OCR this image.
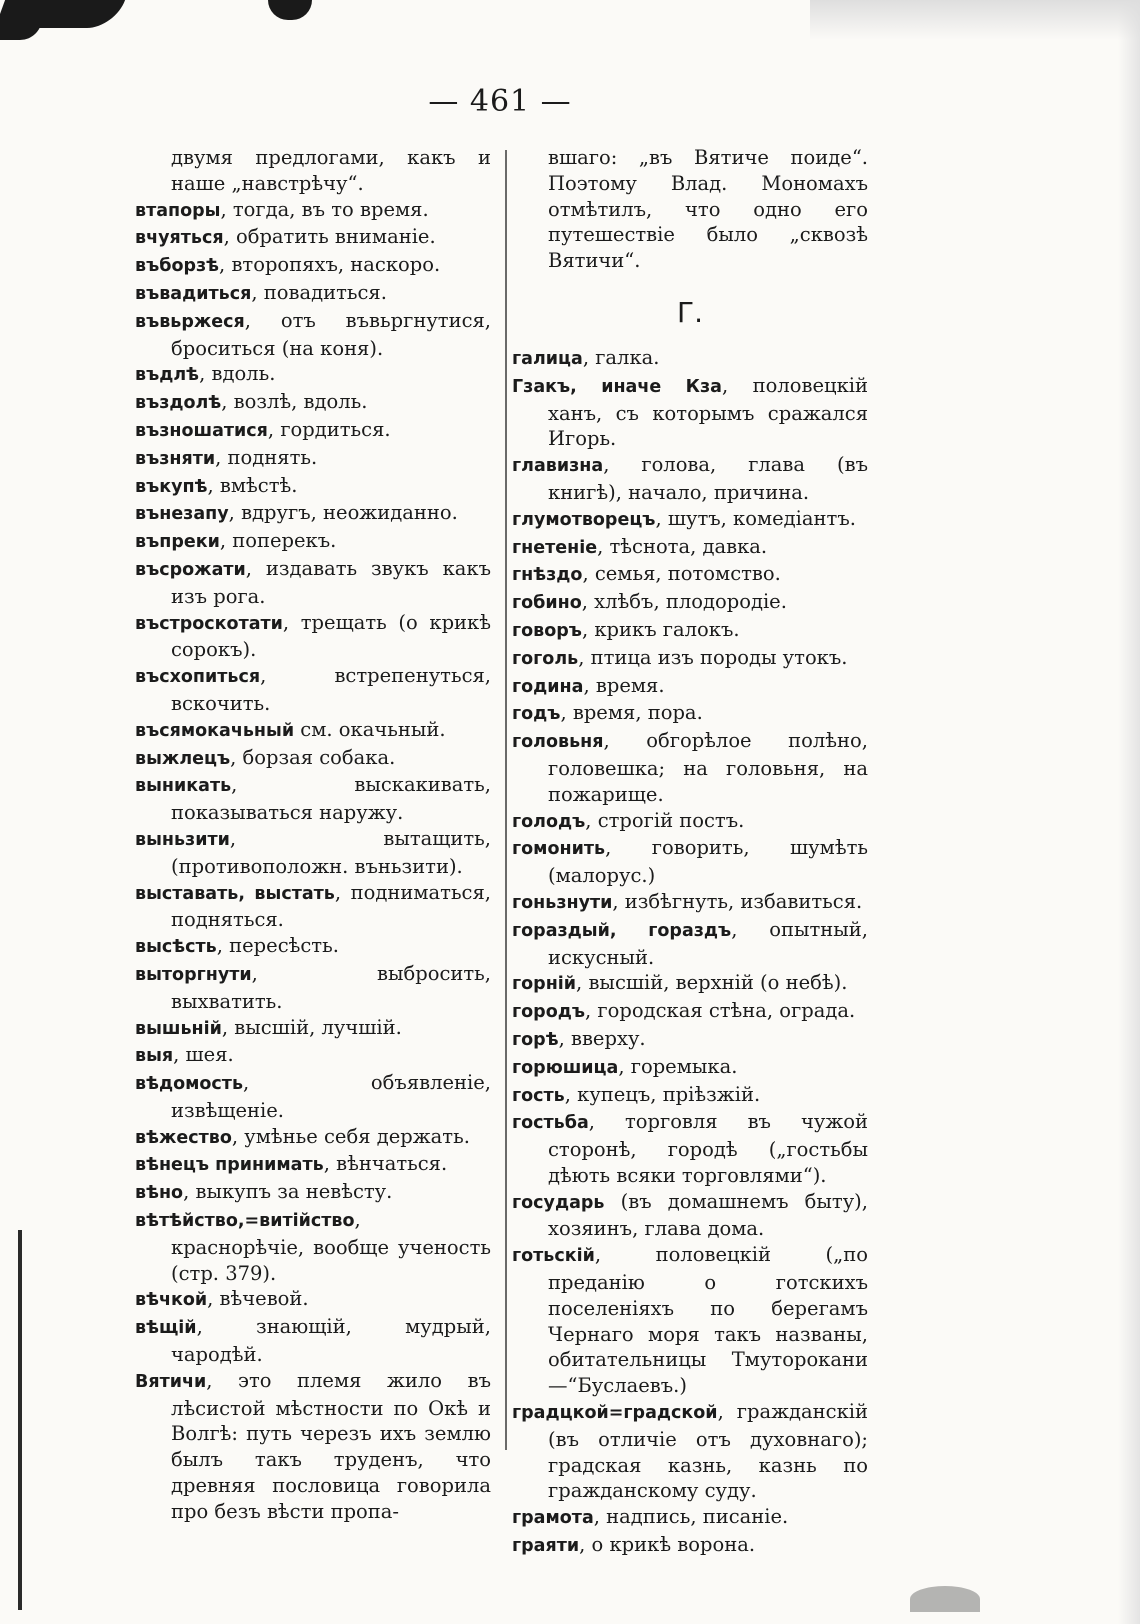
— 461 —

двумя предлогами, какъ и наше „навстрѣчу“.

втапоры, тогда, въ то время.

вчуяться, обратить вниманіе.

въборзѣ, второпяхъ, наскоро.

въвадиться, повадиться.

въвьржеся, отъ въвьргнутися, броситься (на коня).

въдлѣ, вдоль.

въздолѣ, возлѣ, вдоль.

възношатися, гордиться.

възняти, поднять.

въкупѣ, вмѣстѣ.

вънезапу, вдругъ, неожиданно.

въпреки, поперекъ.

въсрожати, издавать звукъ какъ изъ рога.

въстроскотати, трещать (о крикѣ сорокъ).

въсхопиться, встрепенуться, вскочить.

въсямокачьный см. окачьный.

выжлецъ, борзая собака.

выникать, выскакивать, показываться наружу.

выньзити, вытащить, (противоположн. въньзити).

выставать, выстать, подниматься, подняться.

высѣсть, пересѣсть.

выторгнути, выбросить, выхватить.

вышьній, высшій, лучшій.

выя, шея.

вѣдомость, объявленіе, извѣщеніе.

вѣжество, умѣнье себя держать.

вѣнецъ принимать, вѣнчаться.

вѣно, выкупъ за невѣсту.

вѣтѣйство,=витійство, краснорѣчіе, вообще ученость (стр. 379).

вѣчкой, вѣчевой.

вѣщій, знающій, мудрый, чародѣй.

Вятичи, это племя жило въ лѣсистой мѣстности по Окѣ и Волгѣ: путь черезъ ихъ землю былъ такъ труденъ, что древняя пословица говорила про безъ вѣсти пропа-

вшаго: „въ Вятиче поиде“. Поэтому Влад. Мономахъ отмѣтилъ, что одно его путешествіе было „сквозѣ Вятичи“.

Г.

галица, галка.

Гзакъ, иначе Кза, половецкій ханъ, съ которымъ сражался Игорь.

главизна, голова, глава (въ книгѣ), начало, причина.

глумотворецъ, шутъ, комедіантъ.

гнетеніе, тѣснота, давка.

гнѣздо, семья, потомство.

гобино, хлѣбъ, плодородіе.

говоръ, крикъ галокъ.

гоголь, птица изъ породы утокъ.

година, время.

годъ, время, пора.

головьня, обгорѣлое полѣно, головешка; на головьня, на пожарище.

голодъ, строгій постъ.

гомонить, говорить, шумѣть (малорус.)

гоньзнути, избѣгнуть, избавиться.

гораздый, гораздъ, опытный, искусный.

горній, высшій, верхній (о небѣ).

городъ, городская стѣна, ограда.

горѣ, вверху.

горюшица, горемыка.

гость, купецъ, пріѣзжій.

гостьба, торговля въ чужой сторонѣ, городѣ („гостьбы дѣють всяки торговлями“).

государь (въ домашнемъ быту), хозяинъ, глава дома.

готьскій, половецкій („по преданію о готскихъ поселеніяхъ по берегамъ Чернаго моря такъ названы, обитательницы Тмуторокани—“Буслаевъ.)

градцкой=градской, гражданскій (въ отличіе отъ духовнаго); градская казнь, казнь по гражданскому суду.

грамота, надпись, писаніе.

граяти, о крикѣ ворона.
